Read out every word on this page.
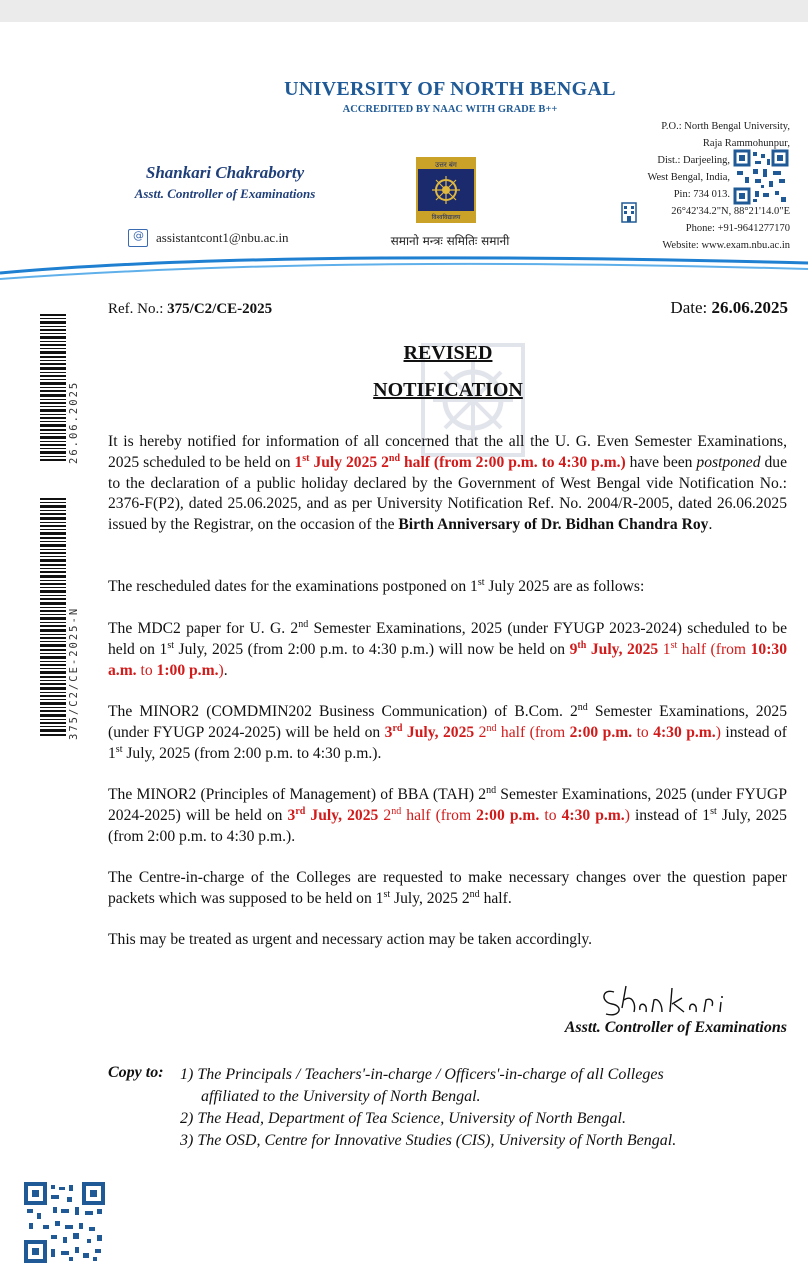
UNIVERSITY OF NORTH BENGAL
ACCREDITED BY NAAC WITH GRADE B++
Shankari Chakraborty
Asstt. Controller of Examinations
@
assistantcont1@nbu.ac.in
उत्तर बंग
विश्वविद्यालय
समानो मन्त्रः समितिः समानी
P.O.: North Bengal University,
Raja Rammohunpur,
Dist.: Darjeeling,
West Bengal, India,
Pin: 734 013.
26°42'34.2"N, 88°21'14.0"E
Phone: +91-9641277170
Website: www.exam.nbu.ac.in
26.06.2025
375/C2/CE-2025-N
Ref. No.: 375/C2/CE-2025	Date: 26.06.2025
REVISED
NOTIFICATION
It is hereby notified for information of all concerned that the all the U. G. Even Semester Examinations, 2025 scheduled to be held on 1st July 2025 2nd half (from 2:00 p.m. to 4:30 p.m.) have been postponed due to the declaration of a public holiday declared by the Government of West Bengal vide Notification No.: 2376-F(P2), dated 25.06.2025, and as per University Notification Ref. No. 2004/R-2005, dated 26.06.2025 issued by the Registrar, on the occasion of the Birth Anniversary of Dr. Bidhan Chandra Roy.
The rescheduled dates for the examinations postponed on 1st July 2025 are as follows:
The MDC2 paper for U. G. 2nd Semester Examinations, 2025 (under FYUGP 2023-2024) scheduled to be held on 1st July, 2025 (from 2:00 p.m. to 4:30 p.m.) will now be held on 9th July, 2025 1st half (from 10:30 a.m. to 1:00 p.m.).
The MINOR2 (COMDMIN202 Business Communication) of B.Com. 2nd Semester Examinations, 2025 (under FYUGP 2024-2025) will be held on 3rd July, 2025 2nd half (from 2:00 p.m. to 4:30 p.m.) instead of 1st July, 2025 (from 2:00 p.m. to 4:30 p.m.).
The MINOR2 (Principles of Management) of BBA (TAH) 2nd Semester Examinations, 2025 (under FYUGP 2024-2025) will be held on 3rd July, 2025 2nd half (from 2:00 p.m. to 4:30 p.m.) instead of 1st July, 2025 (from 2:00 p.m. to 4:30 p.m.).
The Centre-in-charge of the Colleges are requested to make necessary changes over the question paper packets which was supposed to be held on 1st July, 2025 2nd half.
This may be treated as urgent and necessary action may be taken accordingly.
Asstt. Controller of Examinations
Copy to: 1) The Principals / Teachers'-in-charge / Officers'-in-charge of all Colleges
affiliated to the University of North Bengal.
2) The Head, Department of Tea Science, University of North Bengal.
3) The OSD, Centre for Innovative Studies (CIS), University of North Bengal.
